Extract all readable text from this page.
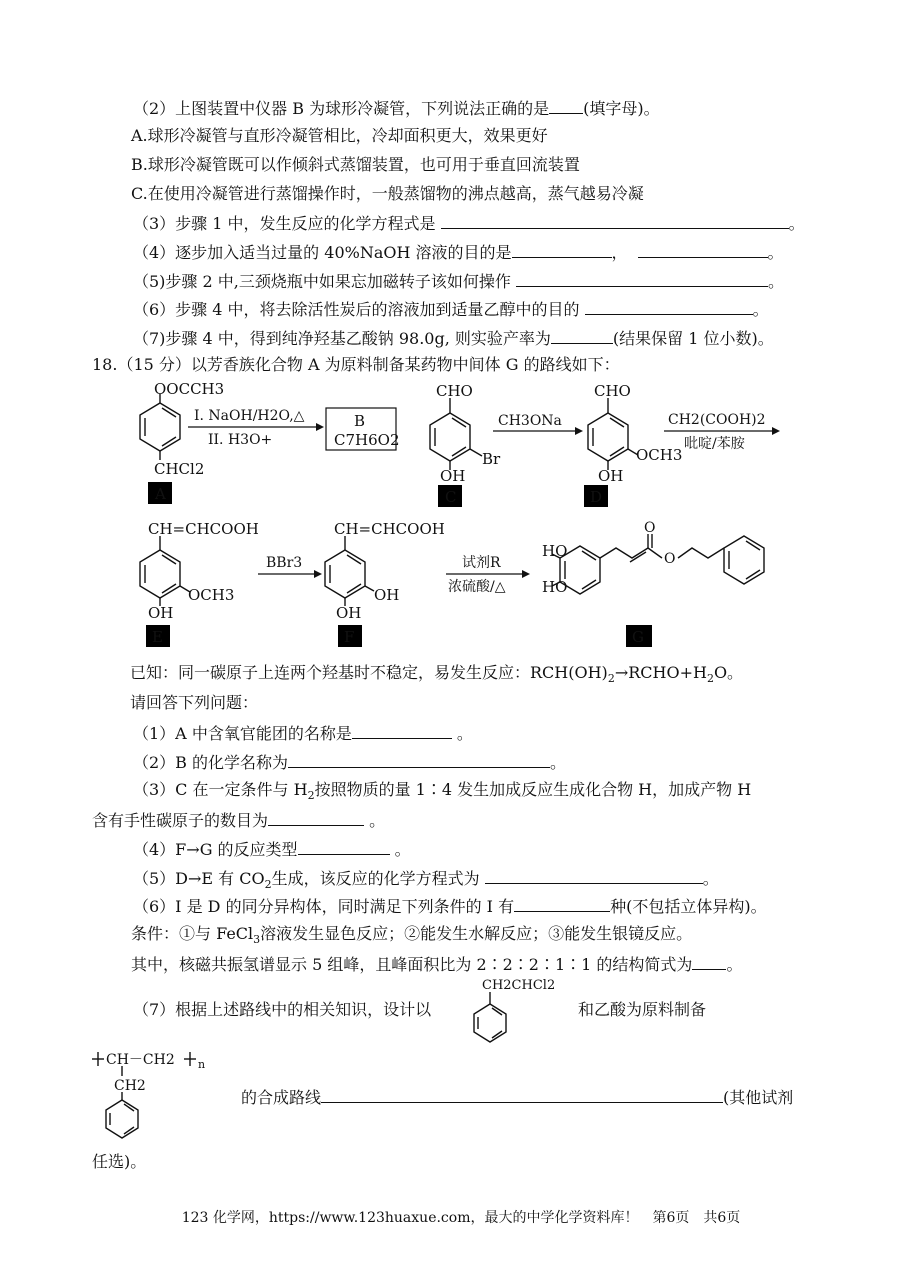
（2）上图装置中仪器 B 为球形冷凝管，下列说法正确的是 (填字母)。
A.球形冷凝管与直形冷凝管相比，冷却面积更大，效果更好
B.球形冷凝管既可以作倾斜式蒸馏装置，也可用于垂直回流装置
C.在使用冷凝管进行蒸馏操作时，一般蒸馏物的沸点越高，蒸气越易冷凝
（3）步骤 1 中，发生反应的化学方程式是	。
（4）逐步加入适当过量的 40%NaOH 溶液的目的是	，	。
（5)步骤 2 中,三颈烧瓶中如果忘加磁转子该如何操作	。
（6）步骤 4 中，将去除活性炭后的溶液加到适量乙醇中的目的	。
（7)步骤 4 中，得到纯净羟基乙酸钠 98.0g, 则实验产率为	(结果保留 1 位小数)。
18.（15 分）以芳香族化合物 A 为原料制备某药物中间体 G 的路线如下：
OOCCH3
CHCl2
A
I. NaOH/H2O,△
II. H3O+
B
C7H6O2
CHO
OH
Br
C
CH3ONa
CHO
OH
OCH3
D
CH2(COOH)2
吡啶/苯胺
CH=CHCOOH
OH
OCH3
E
BBr3
CH=CHCOOH
OH
OH
F
试剂R
浓硫酸/△
HO
HO
O
O
G
已知：同一碳原子上连两个羟基时不稳定，易发生反应：$RCH(OH)_2\to RCHO+H_2O$。
请回答下列问题：
（1）A 中含氧官能团的名称是	。
（2）B 的化学名称为	。
（3）C 在一定条件与 $H_2$按照物质的量 1∶4 发生加成反应生成化合物 H，加成产物 H
含有手性碳原子的数目为	。
（4）F→G 的反应类型	。
（5）D→E 有 $CO_2$生成，该反应的化学方程式为	。
（6）I 是 D 的同分异构体，同时满足下列条件的 I 有	种(不包括立体异构)。
条件：①与 FeCl$_3$溶液发生显色反应；②能发生水解反应；③能发生银镜反应。
其中，核磁共振氢谱显示 5 组峰，且峰面积比为 2∶2∶2∶1∶1 的结构简式为 。
（7）根据上述路线中的相关知识，设计以
CH2CHCl2
和乙酸为原料制备
CH－CH2 n
CH2
的合成路线	(其他试剂
任选)。
123 化学网，https://www.123huaxue.com，最大的中学化学资料库！　第6页　共6页
